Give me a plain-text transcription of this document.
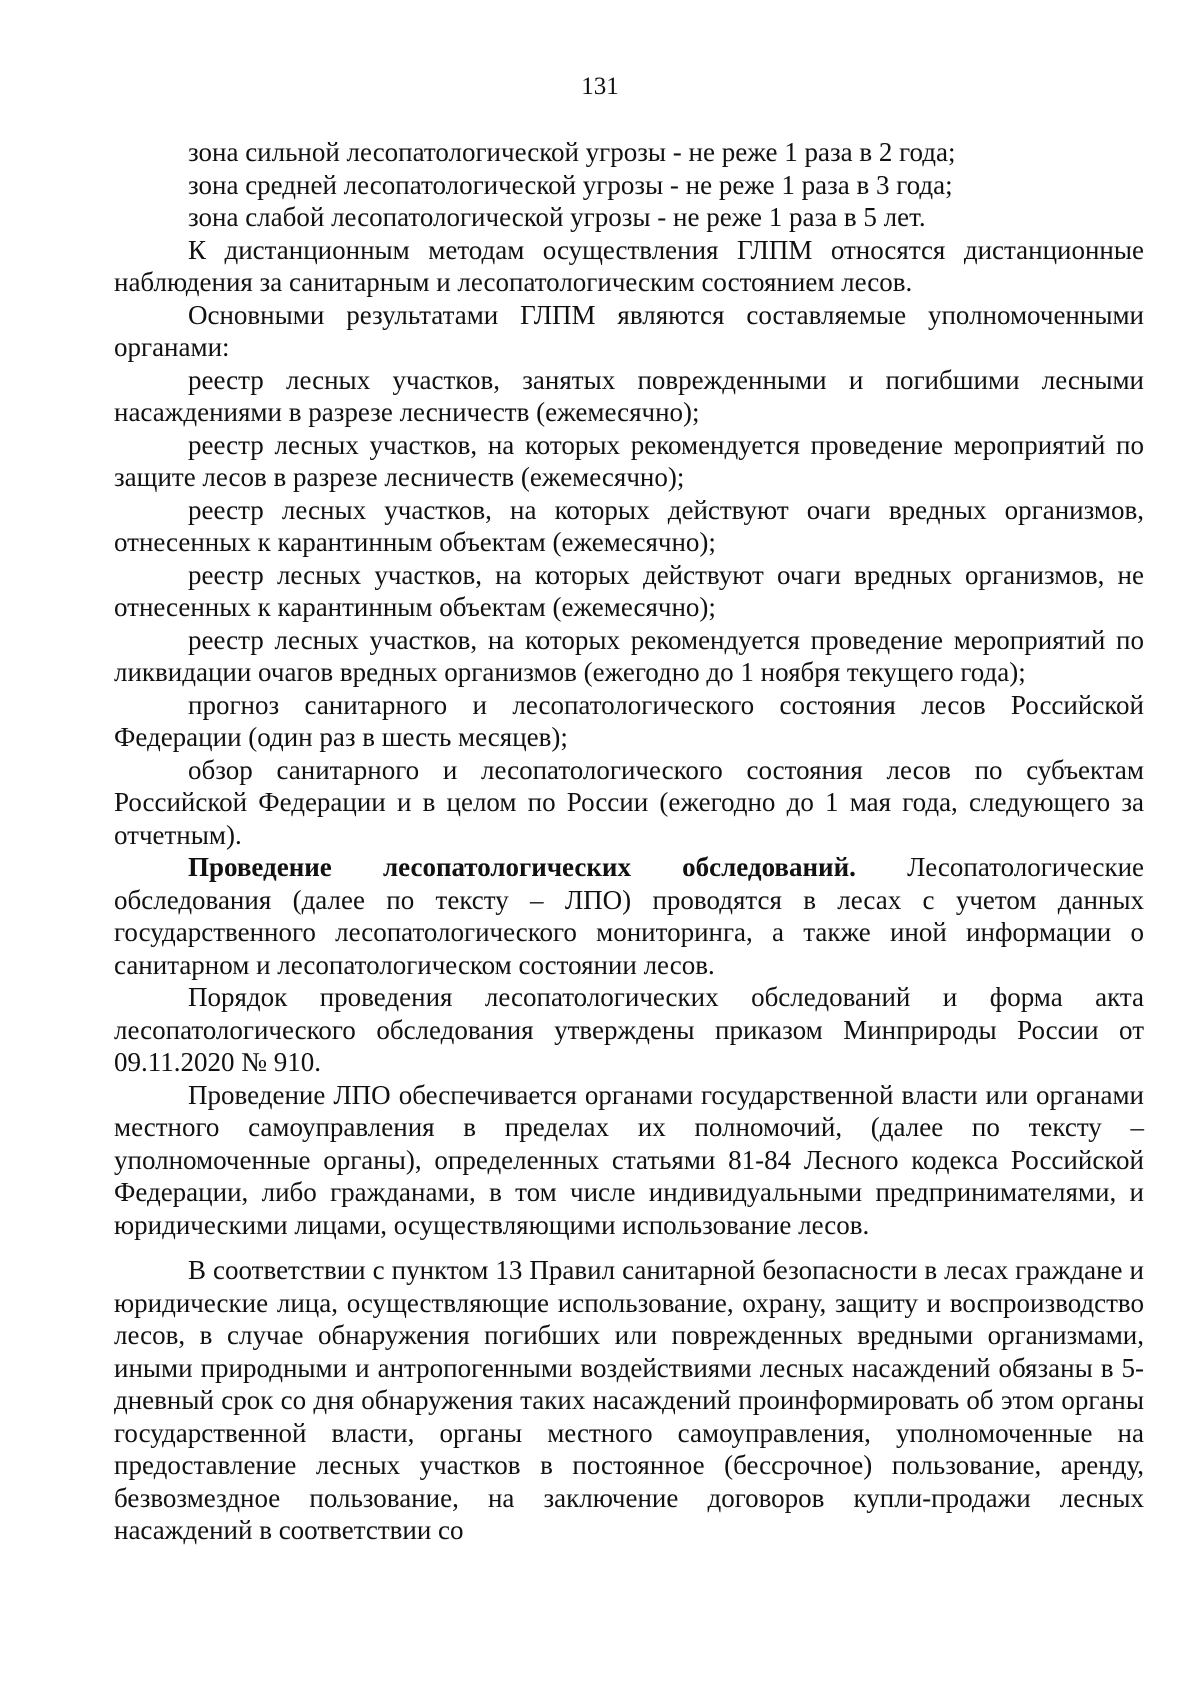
131

зона сильной лесопатологической угрозы - не реже 1 раза в 2 года;

зона средней лесопатологической угрозы - не реже 1 раза в 3 года;

зона слабой лесопатологической угрозы - не реже 1 раза в 5 лет.

К дистанционным методам осуществления ГЛПМ относятся дистанционные наблюдения за санитарным и лесопатологическим состоянием лесов.

Основными результатами ГЛПМ являются составляемые уполномоченными органами:

реестр лесных участков, занятых поврежденными и погибшими лесными насаждениями в разрезе лесничеств (ежемесячно);

реестр лесных участков, на которых рекомендуется проведение мероприятий по защите лесов в разрезе лесничеств (ежемесячно);

реестр лесных участков, на которых действуют очаги вредных организмов, отнесенных к карантинным объектам (ежемесячно);

реестр лесных участков, на которых действуют очаги вредных организмов, не отнесенных к карантинным объектам (ежемесячно);

реестр лесных участков, на которых рекомендуется проведение мероприятий по ликвидации очагов вредных организмов (ежегодно до 1 ноября текущего года);

прогноз санитарного и лесопатологического состояния лесов Российской Федерации (один раз в шесть месяцев);

обзор санитарного и лесопатологического состояния лесов по субъектам Российской Федерации и в целом по России (ежегодно до 1 мая года, следующего за отчетным).

Проведение лесопатологических обследований. Лесопатологические обследования (далее по тексту – ЛПО) проводятся в лесах с учетом данных государственного лесопатологического мониторинга, а также иной информации о санитарном и лесопатологическом состоянии лесов.

Порядок проведения лесопатологических обследований и форма акта лесопатологического обследования утверждены приказом Минприроды России от 09.11.2020 № 910.

Проведение ЛПО обеспечивается органами государственной власти или органами местного самоуправления в пределах их полномочий, (далее по тексту – уполномоченные органы), определенных статьями 81-84 Лесного кодекса Российской Федерации, либо гражданами, в том числе индивидуальными предпринимателями, и юридическими лицами, осуществляющими использование лесов.

В соответствии с пунктом 13 Правил санитарной безопасности в лесах граждане и юридические лица, осуществляющие использование, охрану, защиту и воспроизводство лесов, в случае обнаружения погибших или поврежденных вредными организмами, иными природными и антропогенными воздействиями лесных насаждений обязаны в 5-дневный срок со дня обнаружения таких насаждений проинформировать об этом органы государственной власти, органы местного самоуправления, уполномоченные на предоставление лесных участков в постоянное (бессрочное) пользование, аренду, безвозмездное пользование, на заключение договоров купли-продажи лесных насаждений в соответствии со
